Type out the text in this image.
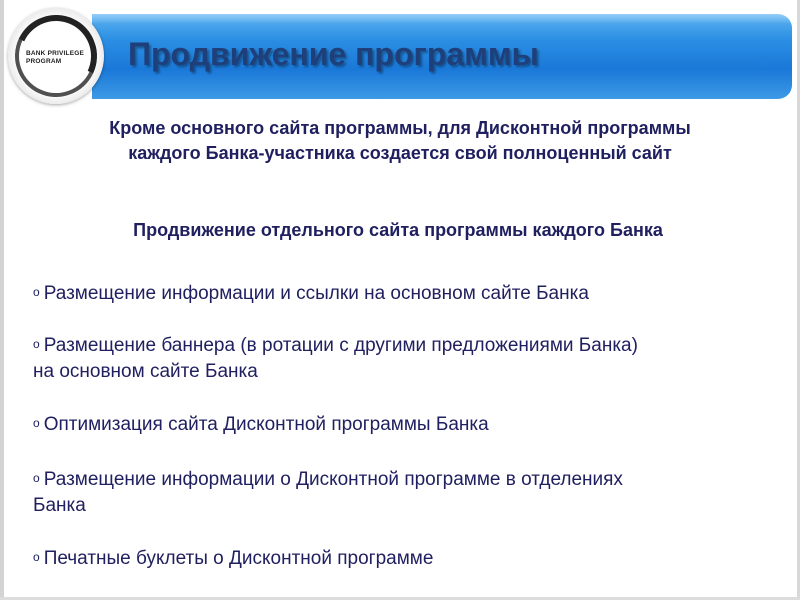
Продвижение программы
BANK PRIVILEGE
PROGRAM
Кроме основного сайта программы, для Дисконтной программы
каждого Банка-участника создается свой полноценный сайт
Продвижение отдельного сайта программы каждого Банка
o Размещение информации и ссылки на основном сайте Банка
o Размещение баннера (в ротации с другими предложениями Банка)
на основном сайте Банка
o Оптимизация сайта Дисконтной программы Банка
o Размещение информации о Дисконтной программе в отделениях
Банка
o Печатные буклеты о Дисконтной программе
